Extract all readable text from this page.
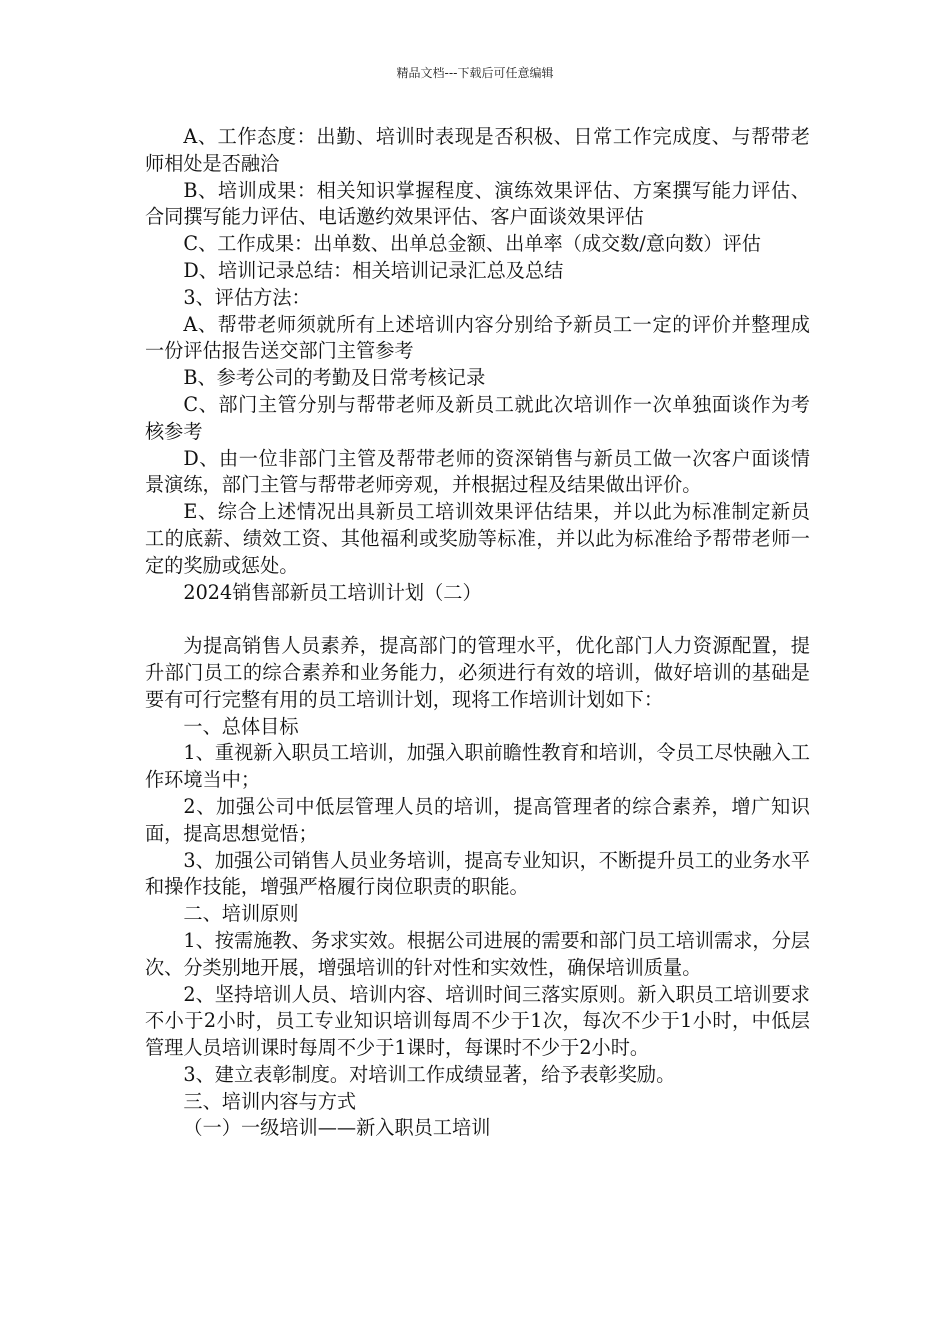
精品文档---下载后可任意编辑

A、工作态度：出勤、培训时表现是否积极、日常工作完成度、与帮带老师相处是否融洽

B、培训成果：相关知识掌握程度、演练效果评估、方案撰写能力评估、合同撰写能力评估、电话邀约效果评估、客户面谈效果评估

C、工作成果：出单数、出单总金额、出单率（成交数/意向数）评估

D、培训记录总结：相关培训记录汇总及总结

3、评估方法：

A、帮带老师须就所有上述培训内容分别给予新员工一定的评价并整理成一份评估报告送交部门主管参考

B、参考公司的考勤及日常考核记录

C、部门主管分别与帮带老师及新员工就此次培训作一次单独面谈作为考核参考

D、由一位非部门主管及帮带老师的资深销售与新员工做一次客户面谈情景演练，部门主管与帮带老师旁观，并根据过程及结果做出评价。

E、综合上述情况出具新员工培训效果评估结果，并以此为标准制定新员工的底薪、绩效工资、其他福利或奖励等标准，并以此为标准给予帮带老师一定的奖励或惩处。

2024销售部新员工培训计划（二）

为提高销售人员素养，提高部门的管理水平，优化部门人力资源配置，提升部门员工的综合素养和业务能力，必须进行有效的培训，做好培训的基础是要有可行完整有用的员工培训计划，现将工作培训计划如下：

一、总体目标

1、重视新入职员工培训，加强入职前瞻性教育和培训，令员工尽快融入工作环境当中；

2、加强公司中低层管理人员的培训，提高管理者的综合素养，增广知识面，提高思想觉悟；

3、加强公司销售人员业务培训，提高专业知识，不断提升员工的业务水平和操作技能，增强严格履行岗位职责的职能。

二、培训原则

1、按需施教、务求实效。根据公司进展的需要和部门员工培训需求，分层次、分类别地开展，增强培训的针对性和实效性，确保培训质量。

2、坚持培训人员、培训内容、培训时间三落实原则。新入职员工培训要求不小于2小时，员工专业知识培训每周不少于1次，每次不少于1小时，中低层管理人员培训课时每周不少于1课时，每课时不少于2小时。

3、建立表彰制度。对培训工作成绩显著，给予表彰奖励。

三、培训内容与方式

（一）一级培训——新入职员工培训
